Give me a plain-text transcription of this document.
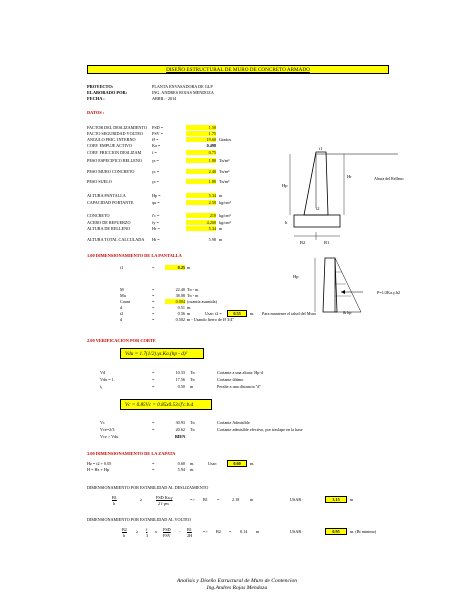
DISEÑO ESTRUCTURAL DE MURO DE CONCRETO ARMADO
PROYECTO:	PLANTA ENVASADORA DE GLP
ELABORADO POR:	ING. ANDRES ROJAS MENDOZA
FECHA :	ABRIL - 2014
DATOS :
FACTOR DEL DESLIZAMIENTO FSD =	1.50
FACTO SEGURIDAD VOLTEO FSV =	1.75
ANGULO FRIC. INTERNO	Ø =	19.60 Grados
COEF. EMPUJE ACTIVO	Ka =	0.498
COEF. FRICCION DESLIZAM	f =	0.75
PESO ESPECIFICO RELLENO γs =	1.80 Tn/m³
PESO MURO CONCRETO	γc =	2.40 Tn/m³
PESO SUELO	γs =	1.80 Tn/m³
ALTURA PANTALLA	Hp =	5.34 m
CAPACIDAD PORTANTE	qu =	2.50 kg/cm²
CONCRETO	f'c =	210 kg/cm²
ACERO DE REFUERZO	fy =	4,200 kg/cm²
ALTURA DE RELLENO	Hr =	5.34 m
ALTURA TOTAL CALCULADA Ht =	5.98 m
t1
Hp
Hr	Altura del Relleno
h
t2
B2	B1
1.00 DIMENSIONAMIENTO DE LA PANTALLA
t1	=	0.25 m
Hp
P=1/2Ka.γ.h2
& hp
M	=	22.40 Tn - m
Mu	=	38.08 Tn - m
Cuant	=	0.004 (cuantía asumida)
d	=	0.51 m.
t2	=	0.56 m	Usar: t2 =	0.55	m. Para mantener el talud del Muro
d	=	0.502 m - Usando fierro de Ø 3/4"
2.00 VERIFICACION POR CORTE
Vdu = 1.7(1/2).γs.Ka.(hp - d)²
Vd	=	10.33 Tn	Cortante a una altura: Hp-d
Vdu = 1.	=	17.56 Tn	Cortante último
tₐ	=	0.50 m	Peralte a una distancia "d"
Vc = 0.85Vc = 0.85x0.53√f'c.b.d
Vc	=	30.93 Tn	Cortante Admisible
Vce=2/3	=	20.62 Tn	Cortante admisible efectivo, por traslape en la base
Vce > Vdu	BIEN
3.00 DIMENSIONAMIENTO DE LA ZAPATA
Hz = t2 + 0.05	=	0.60 m.	Usar:	0.60	m.
H = Hz + Hp	=	5.94 m.
DIMENSIONAMIENTO POR ESTABILIDAD AL DESLIZAMIENTO
B1
h
≥	FSD Ka.γ
2 f γm
=> B1 =	2.18	m	USAR :	3.15	m
DIMENSIONAMIENTO POR ESTABILIDAD AL VOLTEO
B2
h
≥ f
3
x FSD
FSV
- B1
2H
=> B2 = 0.14 m	USAR :	0.95	m. (Bt minimo)
Analisis y Diseño Estructural de Muro de Contencion
Ing.Andres Rojas Mendoza
